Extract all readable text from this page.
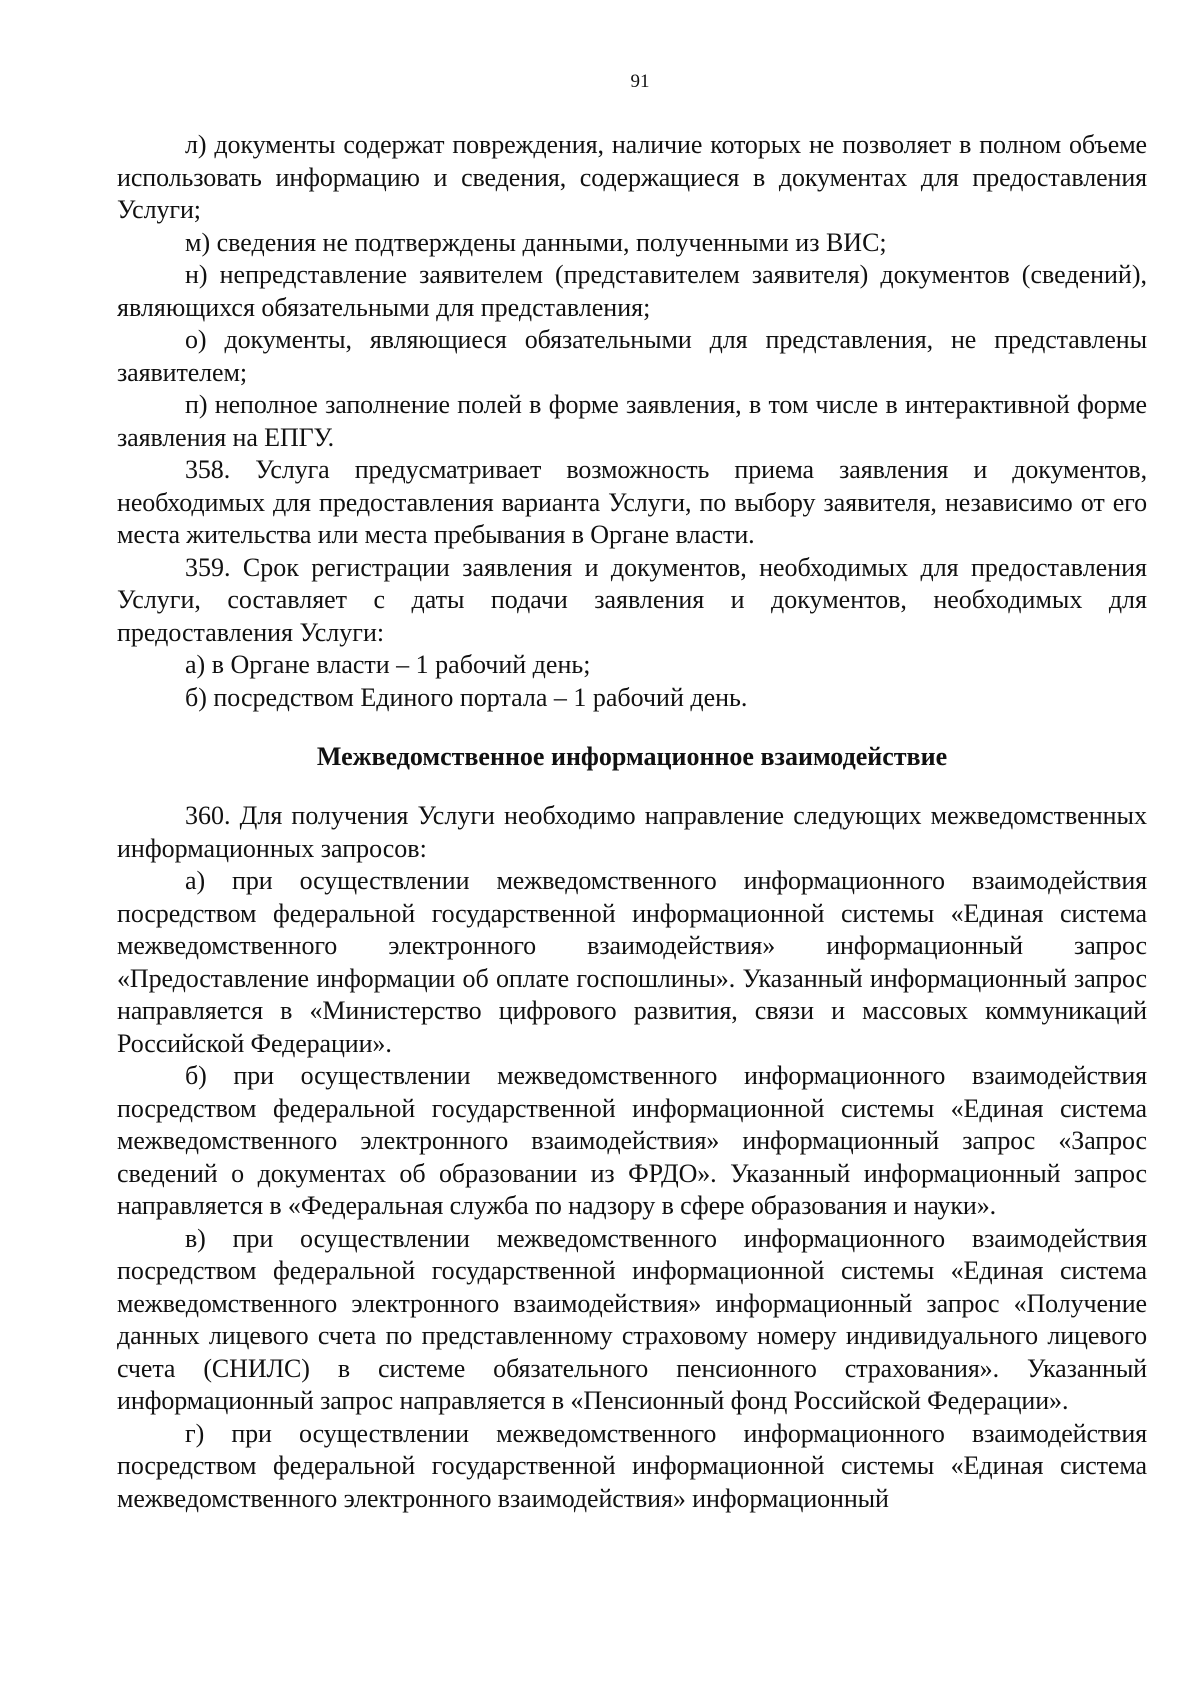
91

л) документы содержат повреждения, наличие которых не позволяет в полном объеме использовать информацию и сведения, содержащиеся в документах для предоставления Услуги;

м) сведения не подтверждены данными, полученными из ВИС;

н) непредставление заявителем (представителем заявителя) документов (сведений), являющихся обязательными для представления;

о) документы, являющиеся обязательными для представления, не представлены заявителем;

п) неполное заполнение полей в форме заявления, в том числе в интерактивной форме заявления на ЕПГУ.

358. Услуга предусматривает возможность приема заявления и документов, необходимых для предоставления варианта Услуги, по выбору заявителя, независимо от его места жительства или места пребывания в Органе власти.

359. Срок регистрации заявления и документов, необходимых для предоставления Услуги, составляет с даты подачи заявления и документов, необходимых для предоставления Услуги:

а) в Органе власти – 1 рабочий день;

б) посредством Единого портала – 1 рабочий день.

Межведомственное информационное взаимодействие

360. Для получения Услуги необходимо направление следующих межведомственных информационных запросов:

а) при осуществлении межведомственного информационного взаимодействия посредством федеральной государственной информационной системы «Единая система межведомственного электронного взаимодействия» информационный запрос «Предоставление информации об оплате госпошлины». Указанный информационный запрос направляется в «Министерство цифрового развития, связи и массовых коммуникаций Российской Федерации».

б) при осуществлении межведомственного информационного взаимодействия посредством федеральной государственной информационной системы «Единая система межведомственного электронного взаимодействия» информационный запрос «Запрос сведений о документах об образовании из ФРДО». Указанный информационный запрос направляется в «Федеральная служба по надзору в сфере образования и науки».

в) при осуществлении межведомственного информационного взаимодействия посредством федеральной государственной информационной системы «Единая система межведомственного электронного взаимодействия» информационный запрос «Получение данных лицевого счета по представленному страховому номеру индивидуального лицевого счета (СНИЛС) в системе обязательного пенсионного страхования». Указанный информационный запрос направляется в «Пенсионный фонд Российской Федерации».

г) при осуществлении межведомственного информационного взаимодействия посредством федеральной государственной информационной системы «Единая система межведомственного электронного взаимодействия» информационный
